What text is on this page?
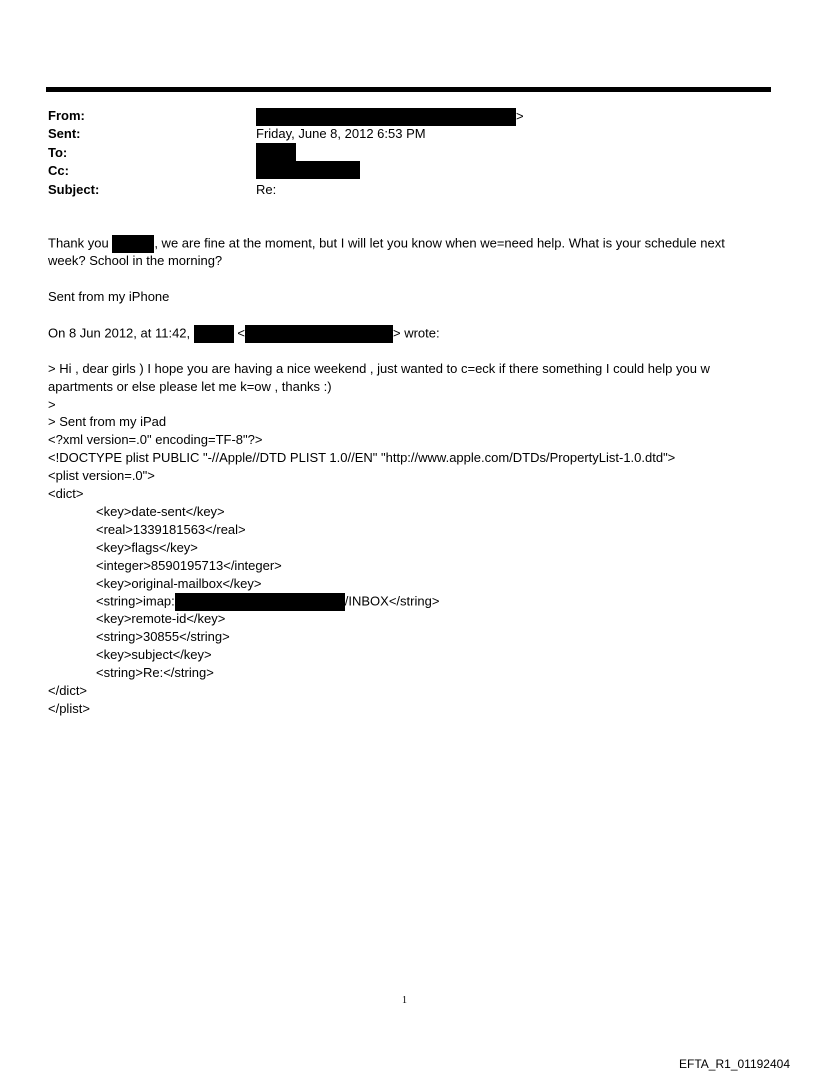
From:	>
Sent:	Friday, June 8, 2012 6:53 PM
To:
Cc:
Subject:	Re:
Thank you	, we are fine at the moment, but I will let you know when we=need help. What is your schedule next
week? School in the morning?
Sent from my iPhone
On 8 Jun 2012, at 11:42,	<	> wrote:
> Hi , dear girls ) I hope you are having a nice weekend , just wanted to c=eck if there something I could help you w
apartments or else please let me k=ow , thanks :)
>
> Sent from my iPad
<?xml version=.0" encoding=TF-8"?>
<!DOCTYPE plist PUBLIC "-//Apple//DTD PLIST 1.0//EN" "http://www.apple.com/DTDs/PropertyList-1.0.dtd">
<plist version=.0">
<dict>
<key>date-sent</key>
<real>1339181563</real>
<key>flags</key>
<integer>8590195713</integer>
<key>original-mailbox</key>
<string>imap:	/INBOX</string>
<key>remote-id</key>
<string>30855</string>
<key>subject</key>
<string>Re:</string>
</dict>
</plist>
1
EFTA_R1_01192404
